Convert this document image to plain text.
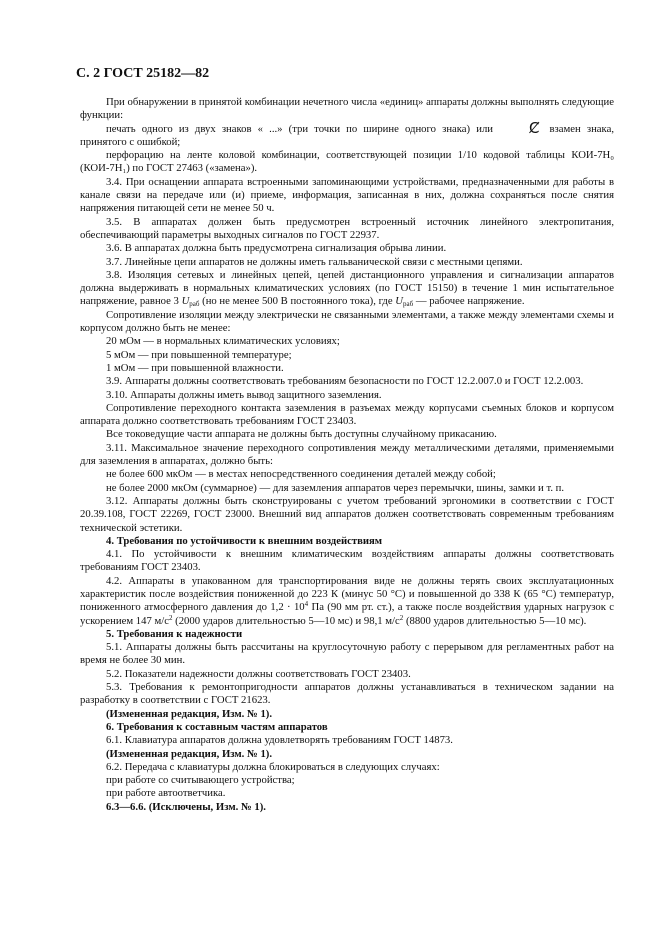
С. 2 ГОСТ 25182—82

При обнаружении в принятой комбинации нечетного числа «единиц» аппараты должны выполнять следующие функции:

печать одного из двух знаков « ...» (три точки по ширине одного знака) или Ȼ взамен знака, принятого с ошибкой;

перфорацию на ленте коловой комбинации, соответствующей позиции 1/10 кодовой таблицы КОИ-7Н₀ (КОИ-7Н₁) по ГОСТ 27463 («замена»).

3.4. При оснащении аппарата встроенными запоминающими устройствами, предназначенными для работы в канале связи на передаче или (и) приеме, информация, записанная в них, должна сохраняться после снятия напряжения питающей сети не менее 50 ч.

3.5. В аппаратах должен быть предусмотрен встроенный источник линейного электропитания, обеспечивающий параметры выходных сигналов по ГОСТ 22937.

3.6. В аппаратах должна быть предусмотрена сигнализация обрыва линии.

3.7. Линейные цепи аппаратов не должны иметь гальванической связи с местными цепями.

3.8. Изоляция сетевых и линейных цепей, цепей дистанционного управления и сигнализации аппаратов должна выдерживать в нормальных климатических условиях (по ГОСТ 15150) в течение 1 мин испытательное напряжение, равное 3 $U_{раб}$ (но не менее 500 В постоянного тока), где $U_{раб}$ — рабочее напряжение.

Сопротивление изоляции между электрически не связанными элементами, а также между элементами схемы и корпусом должно быть не менее:

20 мОм — в нормальных климатических условиях;

5 мОм — при повышенной температуре;

1 мОм — при повышенной влажности.

3.9. Аппараты должны соответствовать требованиям безопасности по ГОСТ 12.2.007.0 и ГОСТ 12.2.003.

3.10. Аппараты должны иметь вывод защитного заземления.

Сопротивление переходного контакта заземления в разъемах между корпусами съемных блоков и корпусом аппарата должно соответствовать требованиям ГОСТ 23403.

Все токоведущие части аппарата не должны быть доступны случайному прикасанию.

3.11. Максимальное значение переходного сопротивления между металлическими деталями, применяемыми для заземления в аппаратах, должно быть:

не более 600 мкОм — в местах непосредственного соединения деталей между собой;

не более 2000 мкОм (суммарное) — для заземления аппаратов через перемычки, шины, замки и т. п.

3.12. Аппараты должны быть сконструированы с учетом требований эргономики в соответствии с ГОСТ 20.39.108, ГОСТ 22269, ГОСТ 23000. Внешний вид аппаратов должен соответствовать современным требованиям технической эстетики.

4. Требования по устойчивости к внешним воздействиям

4.1. По устойчивости к внешним климатическим воздействиям аппараты должны соответствовать требованиям ГОСТ 23403.

4.2. Аппараты в упакованном для транспортирования виде не должны терять своих эксплуатационных характеристик после воздействия пониженной до 223 К (минус 50 °С) и повышенной до 338 К (65 °С) температур, пониженного атмосферного давления до $1,2 \cdot 10^4$ Па (90 мм рт. ст.), а также после воздействия ударных нагрузок с ускорением 147 $м/с^2$ (2000 ударов длительностью 5—10 мс) и 98,1 $м/с^2$ (8800 ударов длительностью 5—10 мс).

5. Требования к надежности

5.1. Аппараты должны быть рассчитаны на круглосуточную работу с перерывом для регламентных работ на время не более 30 мин.

5.2. Показатели надежности должны соответствовать ГОСТ 23403.

5.3. Требования к ремонтопригодности аппаратов должны устанавливаться в техническом задании на разработку в соответствии с ГОСТ 21623.

(Измененная редакция, Изм. № 1).

6. Требования к составным частям аппаратов

6.1. Клавиатура аппаратов должна удовлетворять требованиям ГОСТ 14873.

(Измененная редакция, Изм. № 1).

6.2. Передача с клавиатуры должна блокироваться в следующих случаях:

при работе со считывающего устройства;

при работе автоответчика.

6.3—6.6. (Исключены, Изм. № 1).
